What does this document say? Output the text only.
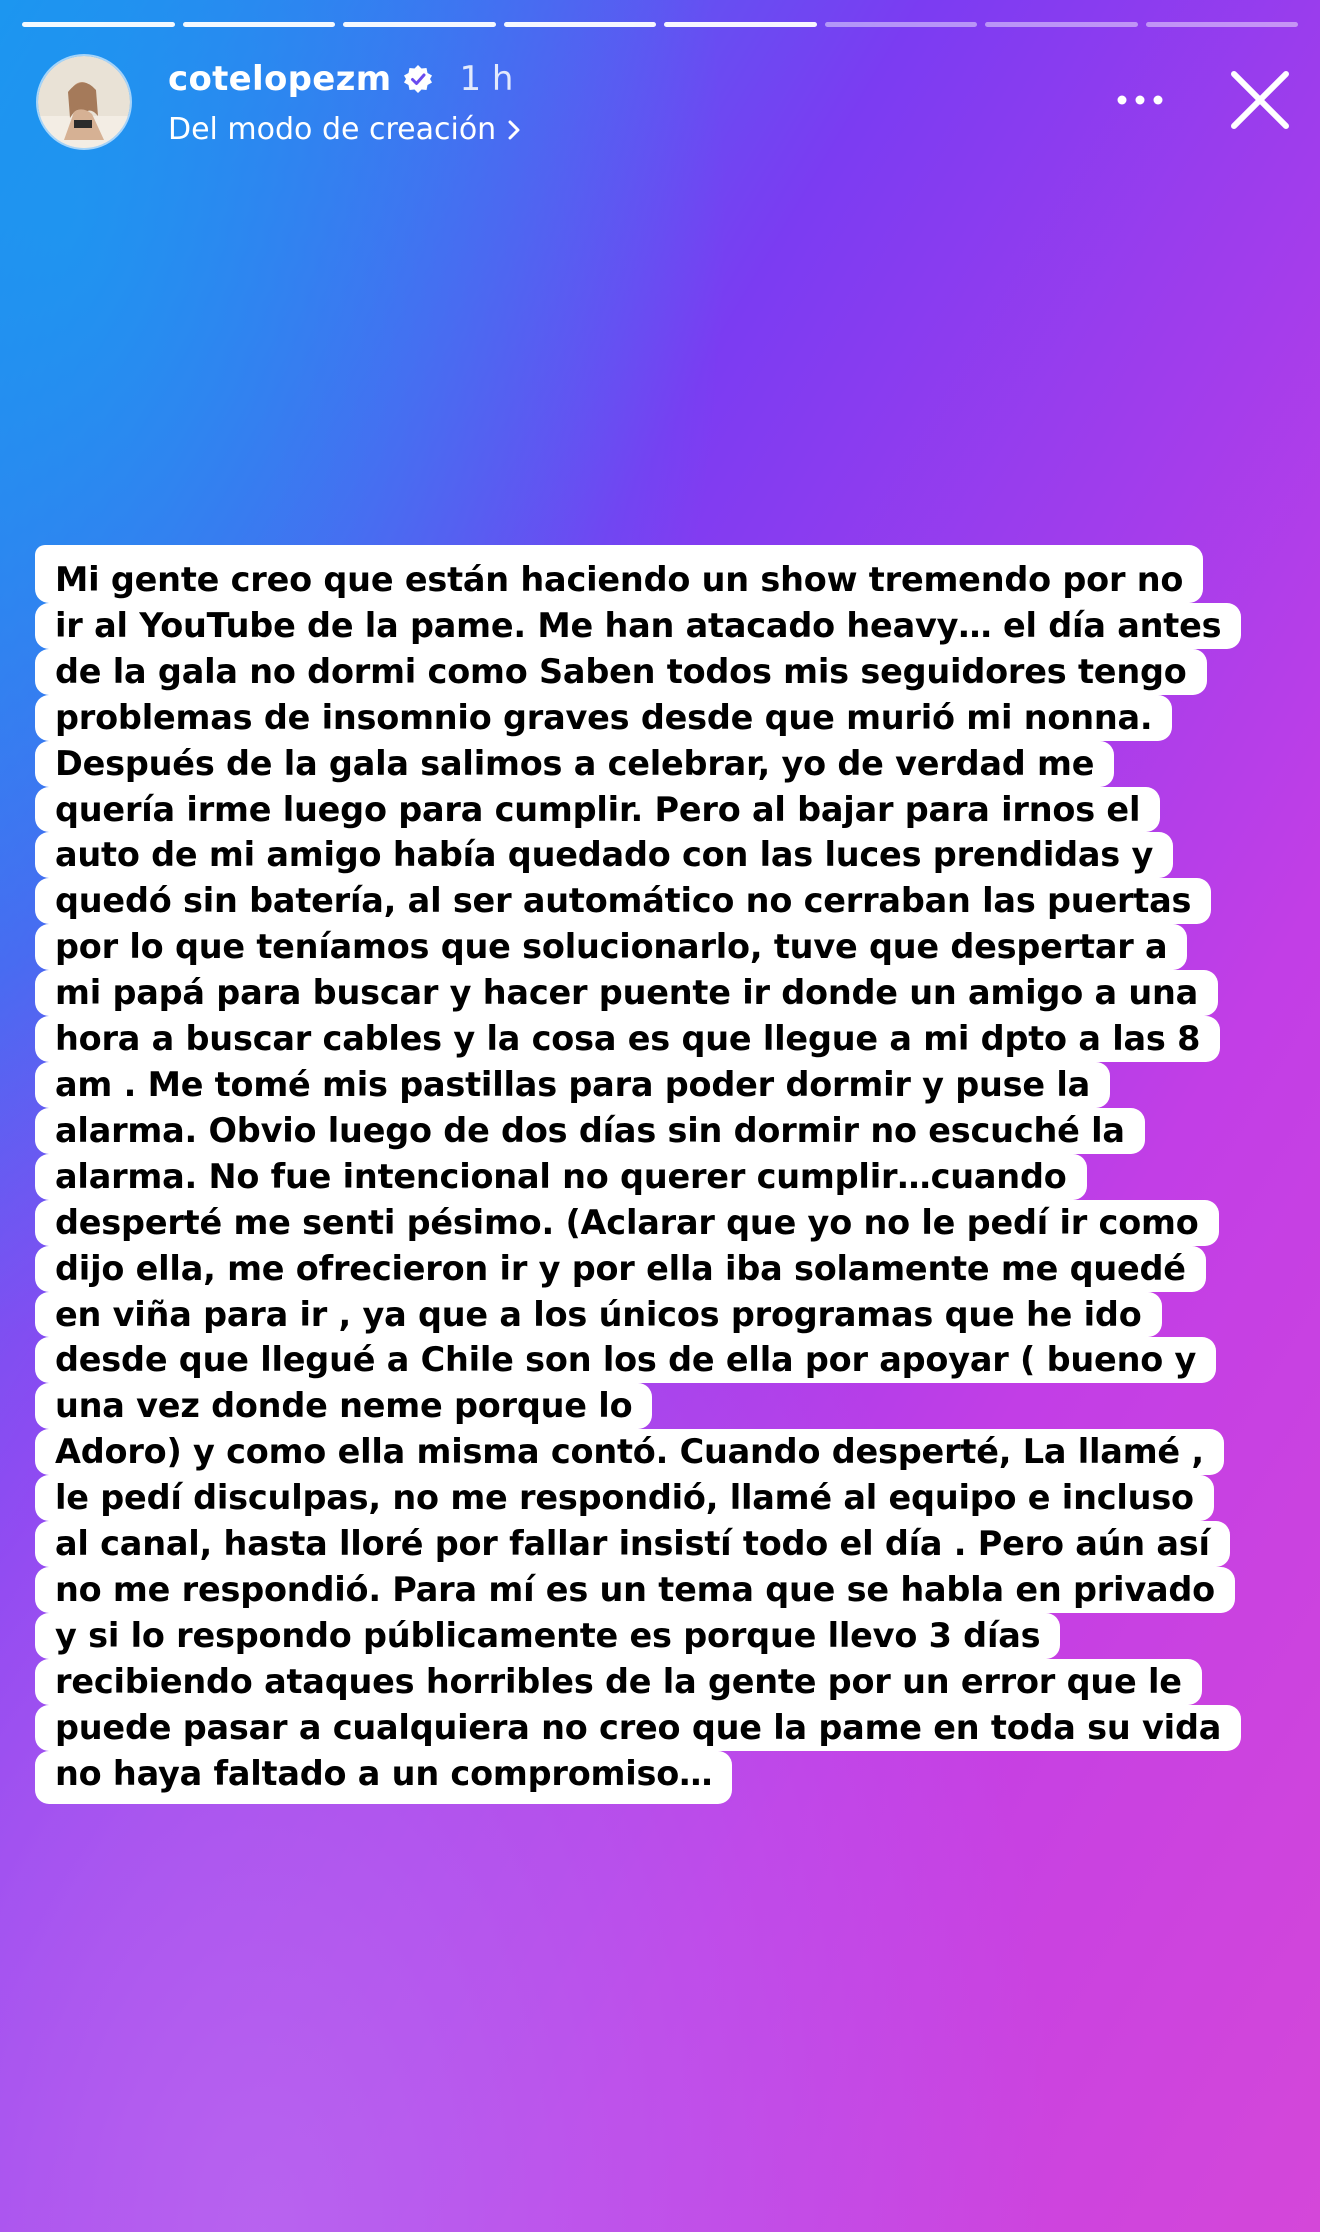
cotelopezm 1 h
Del modo de creación
Mi gente creo que están haciendo un show tremendo por no
ir al YouTube de la pame. Me han atacado heavy… el día antes
de la gala no dormi como Saben todos mis seguidores tengo
problemas de insomnio graves desde que murió mi nonna.
Después de la gala salimos a celebrar, yo de verdad me
quería irme luego para cumplir. Pero al bajar para irnos el
auto de mi amigo había quedado con las luces prendidas y
quedó sin batería, al ser automático no cerraban las puertas
por lo que teníamos que solucionarlo, tuve que despertar a
mi papá para buscar y hacer puente ir donde un amigo a una
hora a buscar cables y la cosa es que llegue a mi dpto a las 8
am . Me tomé mis pastillas para poder dormir y puse la
alarma. Obvio luego de dos días sin dormir no escuché la
alarma. No fue intencional no querer cumplir…cuando
desperté me senti pésimo. (Aclarar que yo no le pedí ir como
dijo ella, me ofrecieron ir y por ella iba solamente me quedé
en viña para ir , ya que a los únicos programas que he ido
desde que llegué a Chile son los de ella por apoyar ( bueno y
una vez donde neme porque lo
Adoro) y como ella misma contó. Cuando desperté, La llamé ,
le pedí disculpas, no me respondió, llamé al equipo e incluso
al canal, hasta lloré por fallar insistí todo el día . Pero aún así
no me respondió. Para mí es un tema que se habla en privado
y si lo respondo públicamente es porque llevo 3 días
recibiendo ataques horribles de la gente por un error que le
puede pasar a cualquiera no creo que la pame en toda su vida
no haya faltado a un compromiso…
